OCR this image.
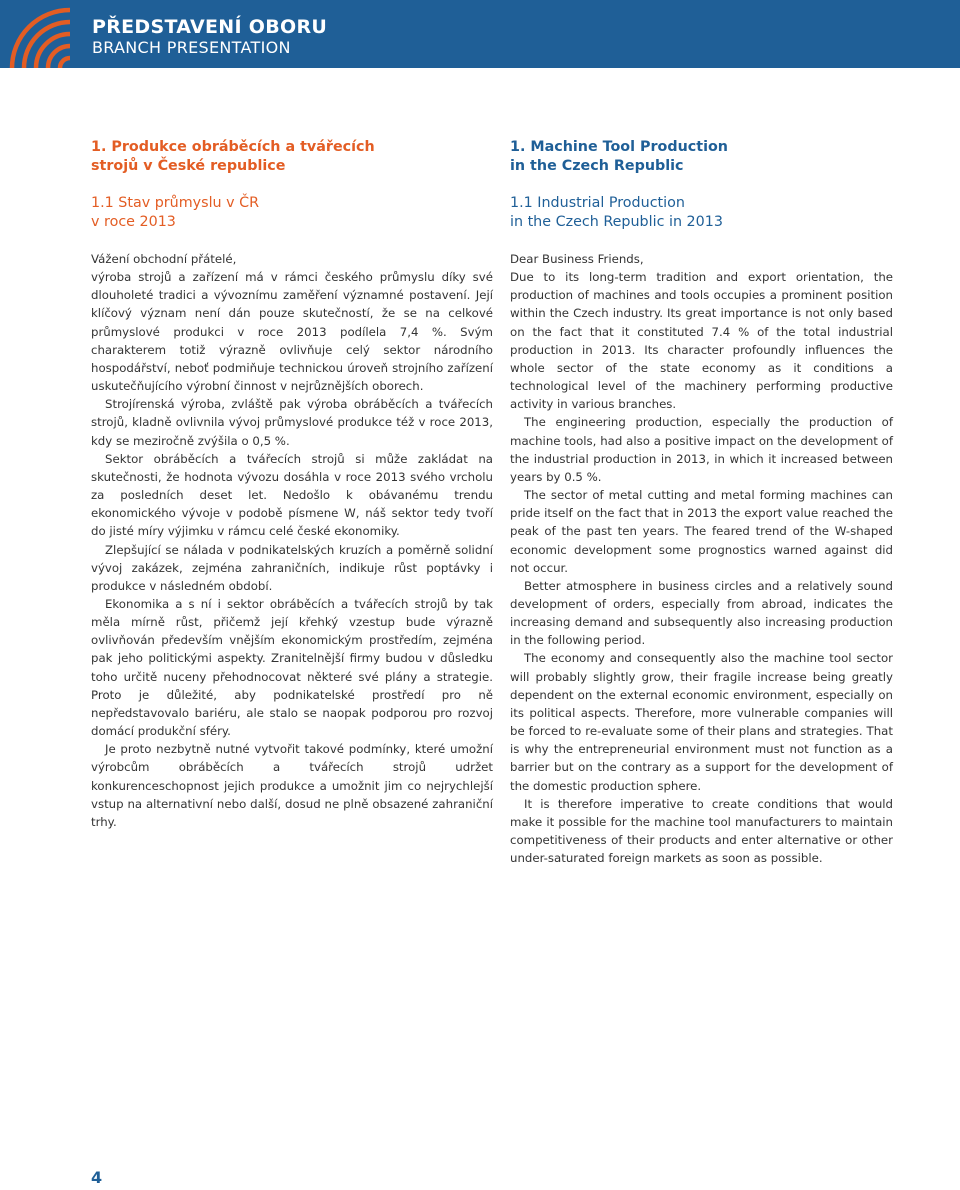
PŘEDSTAVENÍ OBORU
BRANCH PRESENTATION
1. Produkce obráběcích a tvářecích
strojů v České republice
1.1 Stav průmyslu v ČR
v roce 2013

Vážení obchodní přátelé,

výroba strojů a zařízení má v rámci českého průmyslu díky své dlouholeté tradici a vývoznímu zaměření významné postavení. Její klíčový význam není dán pouze skutečností, že se na celkové průmyslové produkci v roce 2013 podílela 7,4 %. Svým charakterem totiž výrazně ovlivňuje celý sektor národního hospodářství, neboť podmiňuje technickou úroveň strojního zařízení uskutečňujícího výrobní činnost v nejrůznějších oborech.

Strojírenská výroba, zvláště pak výroba obráběcích a tvářecích strojů, kladně ovlivnila vývoj průmyslové produkce též v roce 2013, kdy se meziročně zvýšila o 0,5 %.

Sektor obráběcích a tvářecích strojů si může zakládat na skutečnosti, že hodnota vývozu dosáhla v roce 2013 svého vrcholu za posledních deset let. Nedošlo k obávanému trendu ekonomického vývoje v podobě písmene W, náš sektor tedy tvoří do jisté míry výjimku v rámcu celé české ekonomiky.

Zlepšující se nálada v podnikatelských kruzích a poměrně solidní vývoj zakázek, zejména zahraničních, indikuje růst poptávky i produkce v následném období.

Ekonomika a s ní i sektor obráběcích a tvářecích strojů by tak měla mírně růst, přičemž její křehký vzestup bude výrazně ovlivňován především vnějším ekonomickým prostředím, zejména pak jeho politickými aspekty. Zranitelnější firmy budou v důsledku toho určitě nuceny přehodnocovat některé své plány a strategie. Proto je důležité, aby podnikatelské prostředí pro ně nepředstavovalo bariéru, ale stalo se naopak podporou pro rozvoj domácí produkční sféry.

Je proto nezbytně nutné vytvořit takové podmínky, které umožní výrobcům obráběcích a tvářecích strojů udržet konkurenceschopnost jejich produkce a umožnit jim co nejrychlejší vstup na alternativní nebo další, dosud ne plně obsazené zahraniční trhy.

1. Machine Tool Production
in the Czech Republic
1.1 Industrial Production
in the Czech Republic in 2013

Dear Business Friends,

Due to its long-term tradition and export orientation, the production of machines and tools occupies a prominent position within the Czech industry. Its great importance is not only based on the fact that it constituted 7.4 % of the total industrial production in 2013. Its character profoundly influences the whole sector of the state economy as it conditions a technological level of the machinery performing productive activity in various branches.

The engineering production, especially the production of machine tools, had also a positive impact on the development of the industrial production in 2013, in which it increased between years by 0.5 %.

The sector of metal cutting and metal forming machines can pride itself on the fact that in 2013 the export value reached the peak of the past ten years. The feared trend of the W-shaped economic development some prognostics warned against did not occur.

Better atmosphere in business circles and a relatively sound development of orders, especially from abroad, indicates the increasing demand and subsequently also increasing production in the following period.

The economy and consequently also the machine tool sector will probably slightly grow, their fragile increase being greatly dependent on the external economic environment, especially on its political aspects. Therefore, more vulnerable companies will be forced to re-evaluate some of their plans and strategies. That is why the entrepreneurial environment must not function as a barrier but on the contrary as a support for the development of the domestic production sphere.

It is therefore imperative to create conditions that would make it possible for the machine tool manufacturers to maintain competitiveness of their products and enter alternative or other under-saturated foreign markets as soon as possible.

4
